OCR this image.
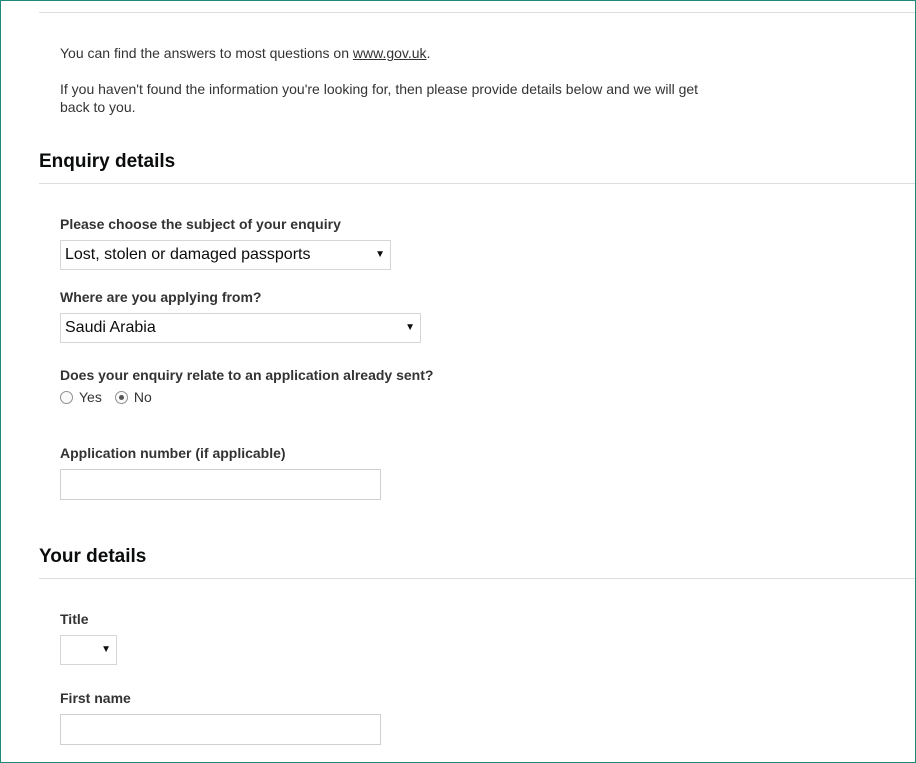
You can find the answers to most questions on www.gov.uk.
If you haven't found the information you're looking for, then please provide details below and we will get back to you.
Enquiry details
Please choose the subject of your enquiry
Lost, stolen or damaged passports	▼
Where are you applying from?
Saudi Arabia	▼
Does your enquiry relate to an application already sent?
Yes No
Application number (if applicable)
Your details
Title
▼
First name
